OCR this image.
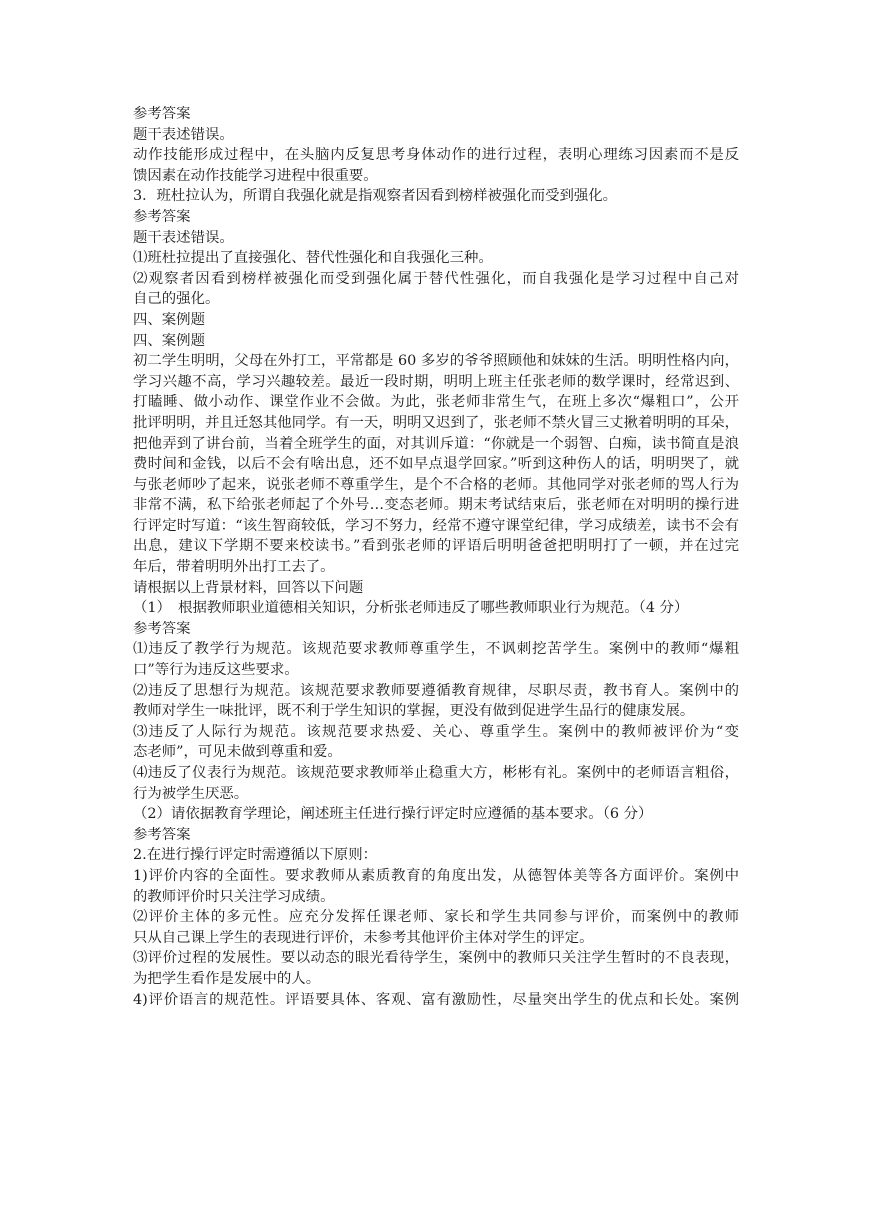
参考答案
题干表述错误。
动作技能形成过程中，在头脑内反复思考身体动作的进行过程，表明心理练习因素而不是反
馈因素在动作技能学习进程中很重要。
3．班杜拉认为，所谓自我强化就是指观察者因看到榜样被强化而受到强化。
参考答案
题干表述错误。
⑴班杜拉提出了直接强化、替代性强化和自我强化三种。
⑵观察者因看到榜样被强化而受到强化属于替代性强化，而自我强化是学习过程中自己对
自己的强化。
四、案例题
四、案例题
初二学生明明，父母在外打工，平常都是 60 多岁的爷爷照顾他和妹妹的生活。明明性格内向，
学习兴趣不高，学习兴趣较差。最近一段时期，明明上班主任张老师的数学课时，经常迟到、
打瞌睡、做小动作、课堂作业不会做。为此，张老师非常生气，在班上多次“爆粗口”，公开
批评明明，并且迁怒其他同学。有一天，明明又迟到了，张老师不禁火冒三丈揪着明明的耳朵，
把他弄到了讲台前，当着全班学生的面，对其训斥道：“你就是一个弱智、白痴，读书简直是浪
费时间和金钱，以后不会有啥出息，还不如早点退学回家。”听到这种伤人的话，明明哭了，就
与张老师吵了起来，说张老师不尊重学生，是个不合格的老师。其他同学对张老师的骂人行为
非常不满，私下给张老师起了个外号…变态老师。期末考试结束后，张老师在对明明的操行进
行评定时写道：“该生智商较低，学习不努力，经常不遵守课堂纪律，学习成绩差，读书不会有
出息，建议下学期不要来校读书。”看到张老师的评语后明明爸爸把明明打了一顿，并在过完
年后，带着明明外出打工去了。
请根据以上背景材料，回答以下问题
（1）　根据教师职业道德相关知识，分析张老师违反了哪些教师职业行为规范。（4 分）
参考答案
⑴违反了教学行为规范。该规范要求教师尊重学生，不讽刺挖苦学生。案例中的教师“爆粗
口”等行为违反这些要求。
⑵违反了思想行为规范。该规范要求教师要遵循教育规律，尽职尽责，教书育人。案例中的
教师对学生一味批评，既不利于学生知识的掌握，更没有做到促进学生品行的健康发展。
⑶违反了人际行为规范。该规范要求热爱、关心、尊重学生。案例中的教师被评价为“变
态老师”，可见未做到尊重和爱。
⑷违反了仪表行为规范。该规范要求教师举止稳重大方，彬彬有礼。案例中的老师语言粗俗，
行为被学生厌恶。
（2）请依据教育学理论，阐述班主任进行操行评定时应遵循的基本要求。（6 分）
参考答案
2.在进行操行评定时需遵循以下原则：
1)评价内容的全面性。要求教师从素质教育的角度出发，从德智体美等各方面评价。案例中
的教师评价时只关注学习成绩。
⑵评价主体的多元性。应充分发挥任课老师、家长和学生共同参与评价，而案例中的教师
只从自己课上学生的表现进行评价，未参考其他评价主体对学生的评定。
⑶评价过程的发展性。要以动态的眼光看待学生，案例中的教师只关注学生暂时的不良表现，
为把学生看作是发展中的人。
4)评价语言的规范性。评语要具体、客观、富有激励性，尽量突出学生的优点和长处。案例
